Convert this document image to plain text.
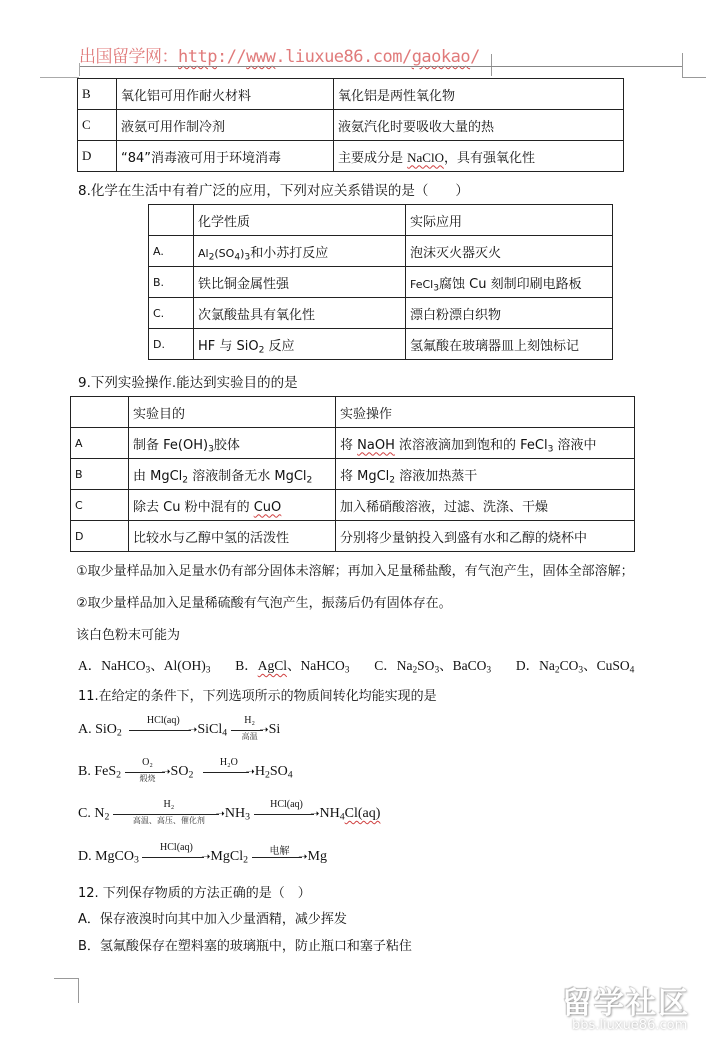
出国留学网：http://www.liuxue86.com/gaokao/
B	氧化铝可用作耐火材料	氧化铝是两性氧化物
C	液氨可用作制冷剂	液氨汽化时要吸收大量的热
D	“84”消毒液可用于环境消毒	主要成分是 NaClO，具有强氧化性
8.化学在生活中有着广泛的应用，下列对应关系错误的是（　　）
	化学性质	实际应用
A.	$Al_2(SO_4)_3$和小苏打反应	泡沫灭火器灭火
B.	铁比铜金属性强	FeCl$_3$腐蚀 Cu 刻制印刷电路板
C.	次氯酸盐具有氧化性	漂白粉漂白织物
D.	HF 与 SiO$_2$ 反应	氢氟酸在玻璃器皿上刻蚀标记
9.下列实验操作.能达到实验目的的是
	实验目的	实验操作
A	制备 $Fe(OH)_3$胶体	将 NaOH 浓溶液滴加到饱和的 FeCl$_3$ 溶液中
B	由 MgCl$_2$ 溶液制备无水 MgCl$_2$	将 MgCl$_2$ 溶液加热蒸干
C	除去 Cu 粉中混有的 CuO	加入稀硝酸溶液，过滤、洗涤、干燥
D	比较水与乙醇中氢的活泼性	分别将少量钠投入到盛有水和乙醇的烧杯中
①取少量样品加入足量水仍有部分固体未溶解；再加入足量稀盐酸，有气泡产生，固体全部溶解；
②取少量样品加入足量稀硫酸有气泡产生，振荡后仍有固体存在。
该白色粉末可能为
A．NaHCO$_3$、$Al(OH)_3$ B．AgCl、NaHCO$_3$ C．$Na_2SO_3$、BaCO$_3$ D．$Na_2CO_3$、CuSO$_4$
11.在给定的条件下，下列选项所示的物质间转化均能实现的是
A. SiO$_2$
HCl(aq)
➝ SiCl$_4$
H₂
➝
高温 Si
B. FeS$_2$
O₂
➝
煅烧	$SO_2$
H₂O
➝ $H_2SO_4$
C. $N_2$
H₂
➝
高温、高压、催化剂	$NH_3$
HCl(aq)
➝ $NH_4Cl(aq)$
D. MgCO$_3$
HCl(aq)
➝ MgCl$_2$
电解 ➝ Mg
12. 下列保存物质的方法正确的是（　）
A．保存液溴时向其中加入少量酒精，减少挥发
B．氢氟酸保存在塑料塞的玻璃瓶中，防止瓶口和塞子粘住
留学社区
bbs.liuxue86.com
